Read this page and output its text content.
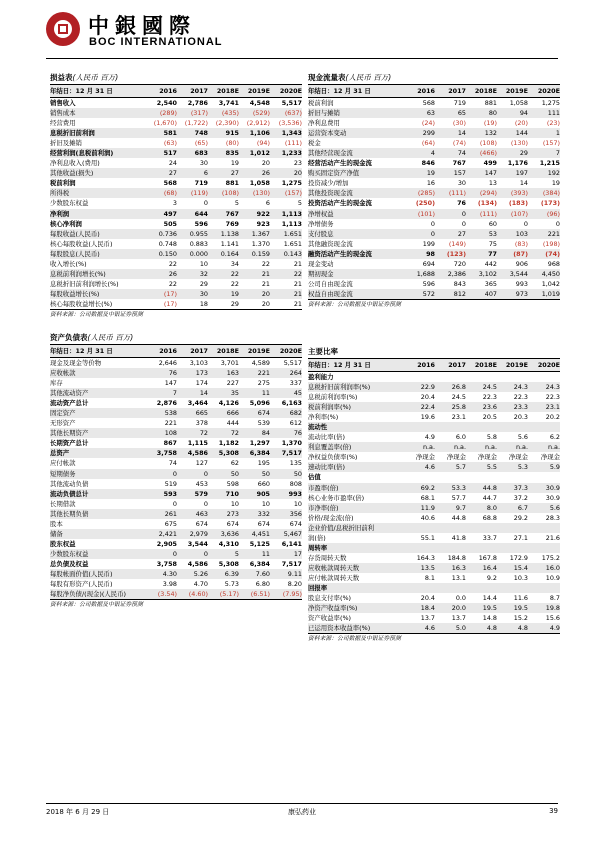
中銀國際
BOC INTERNATIONAL
损益表(人民币 百万)
年结日：12 月 31 日	2016	2017	2018E	2019E	2020E
销售收入	2,540	2,786	3,741	4,548	5,517
销售成本	(289)	(317)	(435)	(529)	(637)
经营费用	(1,670)	(1,722)	(2,390)	(2,912)	(3,536)
息税折旧前利润	581	748	915	1,106	1,343
折旧及摊销	(63)	(65)	(80)	(94)	(111)
经营利润(息税前利润)	517	683	835	1,012	1,233
净利息收入(费用)	24	30	19	20	23
其他收益(损失)	27	6	27	26	20
税前利润	568	719	881	1,058	1,275
所得税	(68)	(119)	(108)	(130)	(157)
少数股东权益	3	0	5	6	5
净利润	497	644	767	922	1,113
核心净利润	505	596	769	923	1,113
每股收益(人民币)	0.736	0.955	1.138	1.367	1.651
核心每股收益(人民币)	0.748	0.883	1.141	1.370	1.651
每股股息(人民币)	0.150	0.000	0.164	0.159	0.143
收入增长(%)	22	10	34	22	21
息税前利润增长(%)	26	32	22	21	22
息税折旧前利润增长(%)	22	29	22	21	21
每股收益增长(%)	(17)	30	19	20	21
核心每股收益增长(%)	(17)	18	29	20	21
资料来源：公司数据及中银证券预测
现金流量表(人民币 百万)
年结日：12 月 31 日	2016	2017	2018E	2019E	2020E
税前利润	568	719	881	1,058	1,275
折旧与摊销	63	65	80	94	111
净利息费用	(24)	(30)	(19)	(20)	(23)
运营资本变动	299	14	132	144	1
税金	(64)	(74)	(108)	(130)	(157)
其他经营现金流	4	74	(466)	29	7
经营活动产生的现金流	846	767	499	1,176	1,215
购买固定资产净值	19	157	147	197	192
投资减少/增加	16	30	13	14	19
其他投资现金流	(285)	(111)	(294)	(393)	(384)
投资活动产生的现金流	(250)	76	(134)	(183)	(173)
净增权益	(101)	0	(111)	(107)	(96)
净增债务	0	0	60	0	0
支付股息	0	27	53	103	221
其他融资现金流	199	(149)	75	(83)	(198)
融资活动产生的现金流	98	(123)	77	(87)	(74)
现金变动	694	720	442	906	968
期初现金	1,688	2,386	3,102	3,544	4,450
公司自由现金流	596	843	365	993	1,042
权益自由现金流	572	812	407	973	1,019
资料来源：公司数据及中银证券预测
资产负债表(人民币 百万)
年结日：12 月 31 日	2016	2017	2018E	2019E	2020E
现金及现金等价物	2,646	3,103	3,701	4,589	5,517
应收帐款	76	173	163	221	264
库存	147	174	227	275	337
其他流动资产	7	14	35	11	45
流动资产总计	2,876	3,464	4,126	5,096	6,163
固定资产	538	665	666	674	682
无形资产	221	378	444	539	612
其他长期资产	108	72	72	84	76
长期资产总计	867	1,115	1,182	1,297	1,370
总资产	3,758	4,586	5,308	6,384	7,517
应付帐款	74	127	62	195	135
短期债务	0	0	50	50	50
其他流动负债	519	453	598	660	808
流动负债总计	593	579	710	905	993
长期借款	0	0	10	10	10
其他长期负债	261	463	273	332	356
股本	675	674	674	674	674
储备	2,421	2,979	3,636	4,451	5,467
股东权益	2,905	3,544	4,310	5,125	6,141
少数股东权益	0	0	5	11	17
总负债及权益	3,758	4,586	5,308	6,384	7,517
每股帐面价值(人民币)	4.30	5.26	6.39	7.60	9.11
每股有形资产(人民币)	3.98	4.70	5.73	6.80	8.20
每股净负债/(现金)(人民币)	(3.54)	(4.60)	(5.17)	(6.51)	(7.95)
资料来源：公司数据及中银证券预测
主要比率
年结日：12 月 31 日	2016	2017	2018E	2019E	2020E
盈利能力					
息税折旧前利润率(%)	22.9	26.8	24.5	24.3	24.3
息税前利润率(%)	20.4	24.5	22.3	22.3	22.3
税前利润率(%)	22.4	25.8	23.6	23.3	23.1
净利率(%)	19.6	23.1	20.5	20.3	20.2
流动性					
流动比率(倍)	4.9	6.0	5.8	5.6	6.2
利息覆盖率(倍)	n.a.	n.a.	n.a.	n.a.	n.a.
净权益负债率(%)	净现金	净现金	净现金	净现金	净现金
速动比率(倍)	4.6	5.7	5.5	5.3	5.9
估值					
市盈率(倍)	69.2	53.3	44.8	37.3	30.9
核心业务市盈率(倍)	68.1	57.7	44.7	37.2	30.9
市净率(倍)	11.9	9.7	8.0	6.7	5.6
价格/现金流(倍)	40.6	44.8	68.8	29.2	28.3
企业价值/息税折旧前利					
润(倍)	55.1	41.8	33.7	27.1	21.6
周转率					
存货周转天数	164.3	184.8	167.8	172.9	175.2
应收帐款周转天数	13.5	16.3	16.4	15.4	16.0
应付帐款周转天数	8.1	13.1	9.2	10.3	10.9
回报率					
股息支付率(%)	20.4	0.0	14.4	11.6	8.7
净资产收益率(%)	18.4	20.0	19.5	19.5	19.8
资产收益率(%)	13.7	13.7	14.8	15.2	15.6
已运用资本收益率(%)	4.6	5.0	4.8	4.8	4.9
资料来源：公司数据及中银证券预测
2018 年 6 月 29 日	康弘药业	39
